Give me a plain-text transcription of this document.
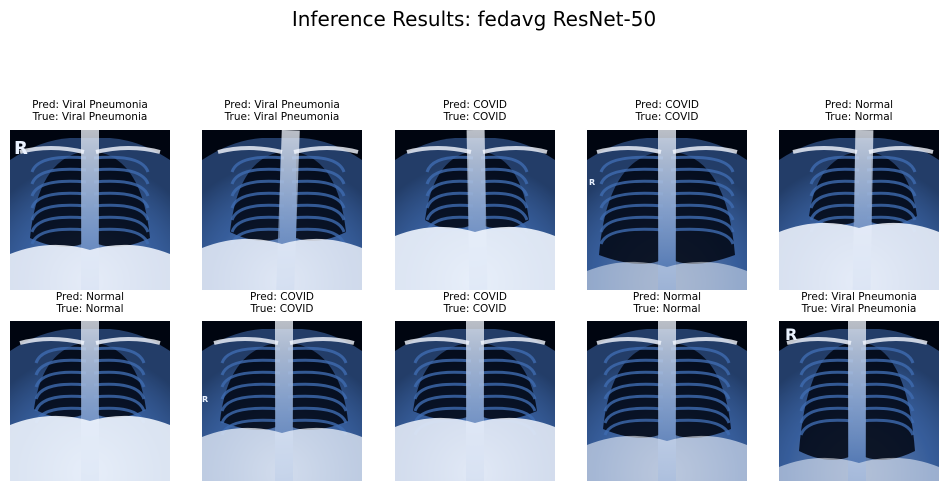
Inference Results: fedavg ResNet-50
Pred: Viral Pneumonia
True: Viral Pneumonia
R
Pred: Viral Pneumonia
True: Viral Pneumonia
Pred: COVID
True: COVID
Pred: COVID
True: COVID
R
Pred: Normal
True: Normal
Pred: Normal
True: Normal
Pred: COVID
True: COVID
R
Pred: COVID
True: COVID
Pred: Normal
True: Normal
Pred: Viral Pneumonia
True: Viral Pneumonia
R
